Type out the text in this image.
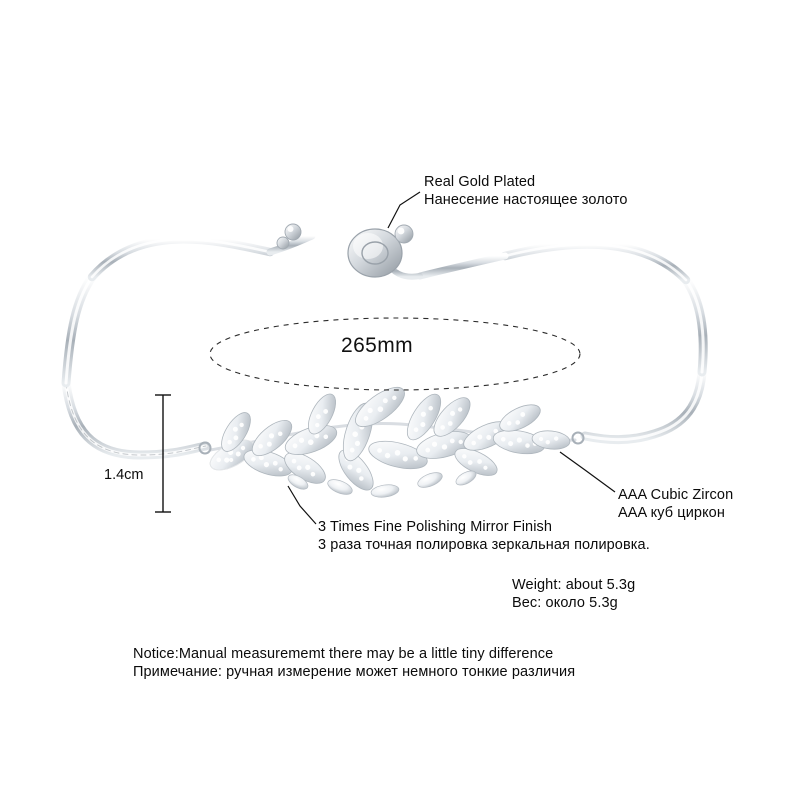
Real Gold Plated
Нанесение настоящее золото
AAA Cubic Zircon
AAA куб циркон
3 Times Fine Polishing Mirror Finish
3 раза точная полировка зеркальная полировка.
Weight: about 5.3g
Вес: около 5.3g
Notice:Manual measurememt there may be a little tiny difference
Примечание: ручная измерение может немного тонкие различия
265mm
1.4cm
